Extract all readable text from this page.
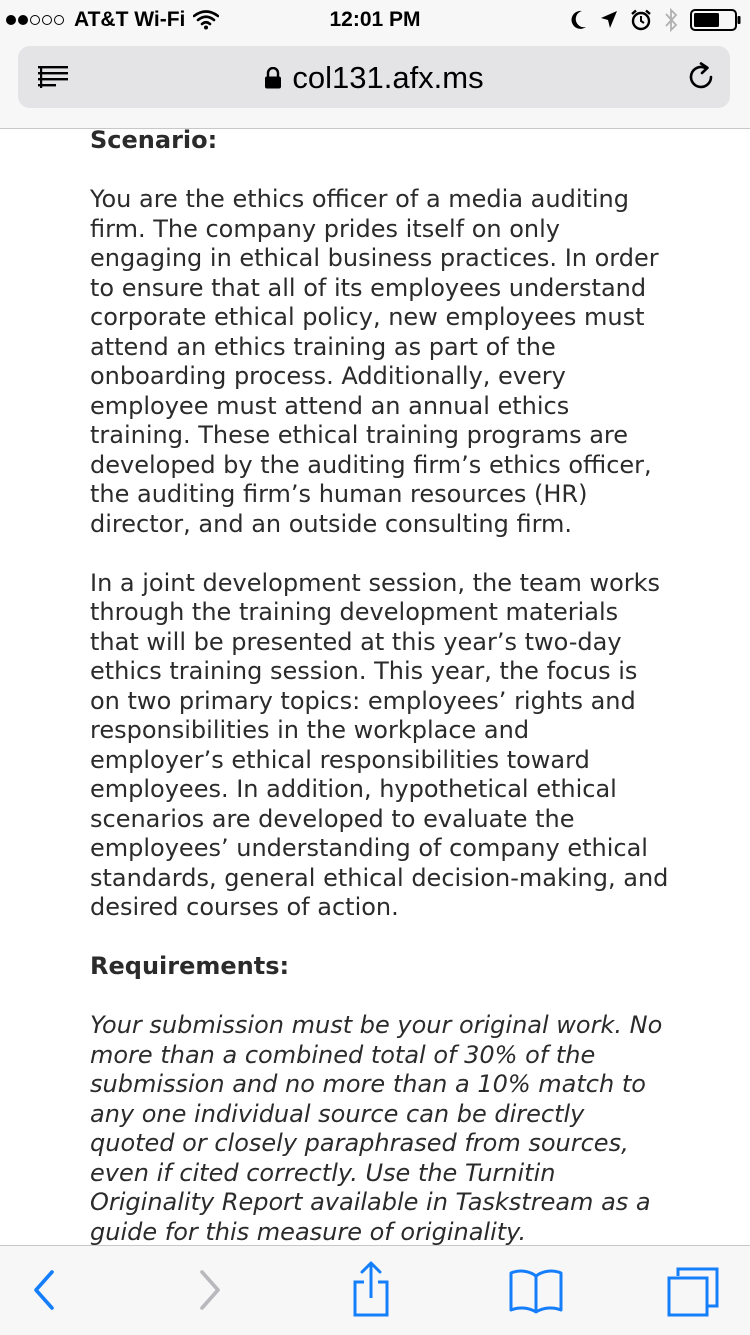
AT&T Wi-Fi	12:01 PM
col131.afx.ms
Scenario:

You are the ethics officer of a media auditing firm. The company prides itself on only engaging in ethical business practices. In order to ensure that all of its employees understand corporate ethical policy, new employees must attend an ethics training as part of the onboarding process. Additionally, every employee must attend an annual ethics training. These ethical training programs are developed by the auditing firm’s ethics officer, the auditing firm’s human resources (HR) director, and an outside consulting firm.

In a joint development session, the team works through the training development materials that will be presented at this year’s two-day ethics training session. This year, the focus is on two primary topics: employees’ rights and responsibilities in the workplace and employer’s ethical responsibilities toward employees. In addition, hypothetical ethical scenarios are developed to evaluate the employees’ understanding of company ethical standards, general ethical decision-making, and desired courses of action.

Requirements:

Your submission must be your original work. No more than a combined total of 30% of the submission and no more than a 10% match to any one individual source can be directly quoted or closely paraphrased from sources, even if cited correctly. Use the Turnitin Originality Report available in Taskstream as a guide for this measure of originality.
